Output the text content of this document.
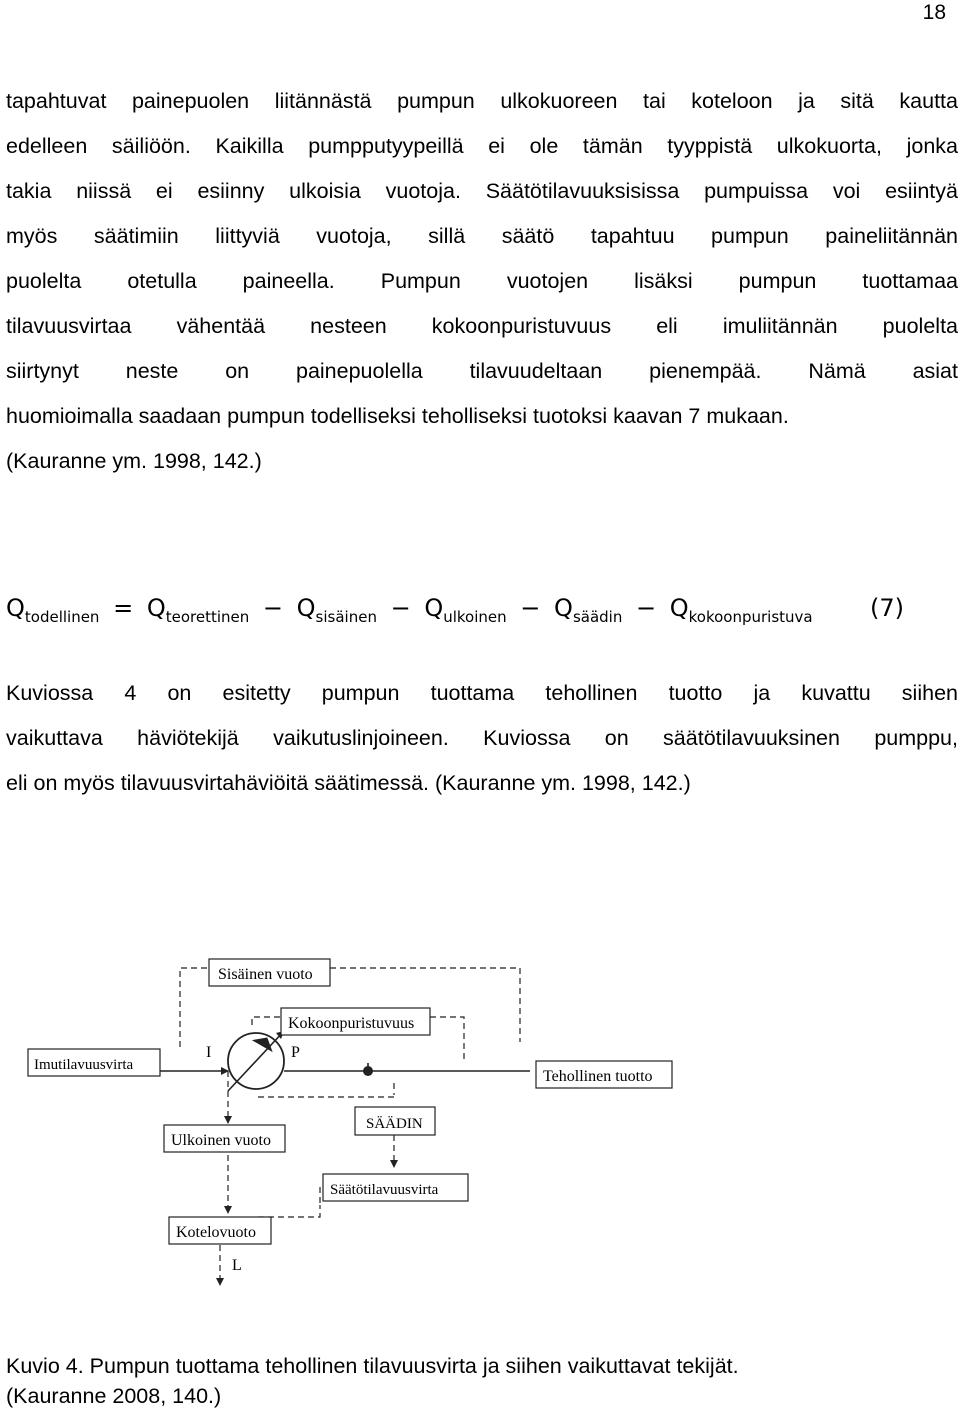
18
tapahtuvat painepuolen liitännästä pumpun ulkokuoreen tai koteloon ja sitä kautta
edelleen säiliöön. Kaikilla pumpputyypeillä ei ole tämän tyyppistä ulkokuorta, jonka
takia niissä ei esiinny ulkoisia vuotoja. Säätötilavuuksisissa pumpuissa voi esiintyä
myös säätimiin liittyviä vuotoja, sillä säätö tapahtuu pumpun paineliitännän
puolelta otetulla paineella. Pumpun vuotojen lisäksi pumpun tuottamaa
tilavuusvirtaa vähentää nesteen kokoonpuristuvuus eli imuliitännän puolelta
siirtynyt neste on painepuolella tilavuudeltaan pienempää. Nämä asiat
huomioimalla saadaan pumpun todelliseksi teholliseksi tuotoksi kaavan 7 mukaan.
(Kauranne ym. 1998, 142.)
$Q_{todellinen} = Q_{teorettinen} - Q_{sisäinen} - Q_{ulkoinen} - Q_{säädin} - Q_{kokoonpuristuva}$ (7)
Kuviossa 4 on esitetty pumpun tuottama tehollinen tuotto ja kuvattu siihen
vaikuttava häviötekijä vaikutuslinjoineen. Kuviossa on säätötilavuuksinen pumppu,
eli on myös tilavuusvirtahäviöitä säätimessä. (Kauranne ym. 1998, 142.)
I	P
L
Sisäinen vuoto
Kokoonpuristuvuus
Imutilavuusvirta
Tehollinen tuotto
SÄÄDIN
Ulkoinen vuoto
Säätötilavuusvirta
Kotelovuoto
Kuvio 4. Pumpun tuottama tehollinen tilavuusvirta ja siihen vaikuttavat tekijät.
(Kauranne 2008, 140.)
